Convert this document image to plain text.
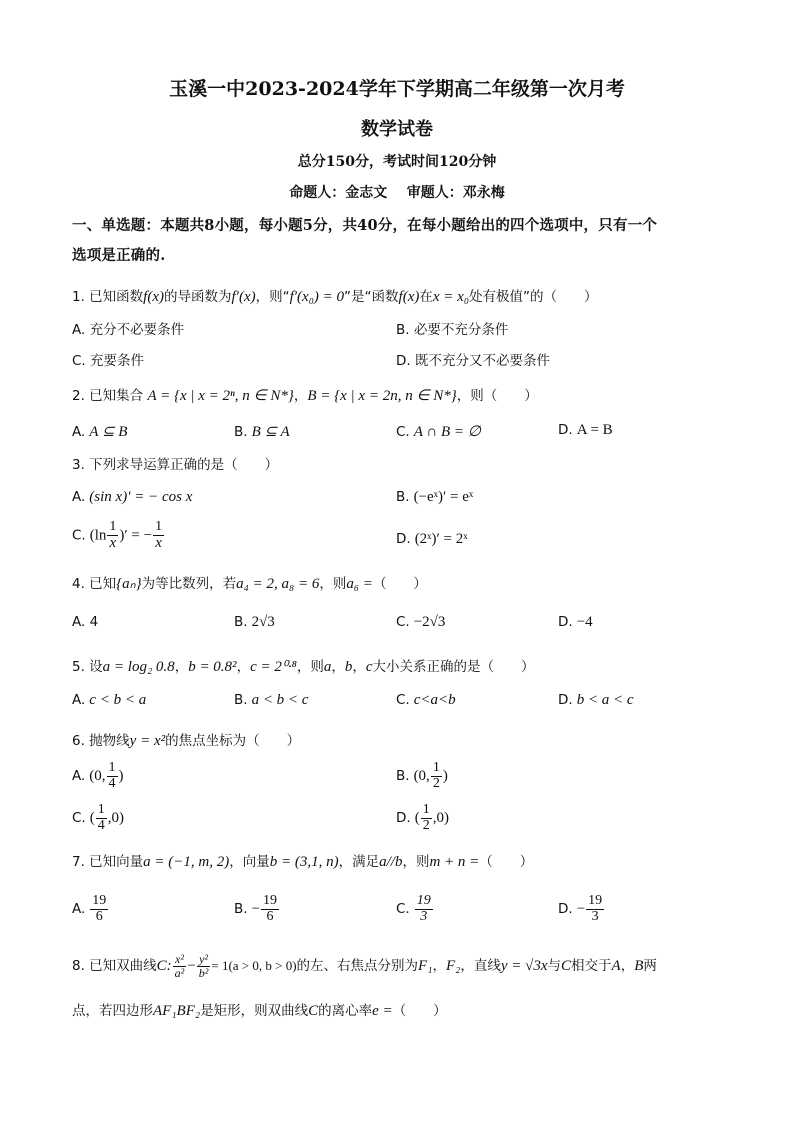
玉溪一中2023-2024学年下学期高二年级第一次月考
数学试卷
总分150分，考试时间120分钟
命题人：金志文    审题人：邓永梅
一、单选题：本题共8小题，每小题5分，共40分，在每小题给出的四个选项中，只有一个
选项是正确的.
1. 已知函数f(x)的导函数为f′(x)，则“f′(x₀) = 0”是“函数f(x)在x = x₀处有极值”的（　　）
A. 充分不必要条件	B. 必要不充分条件
C. 充要条件	D. 既不充分又不必要条件
2. 已知集合 A = {x | x = 2ⁿ, n ∈ N*}，B = {x | x = 2n, n ∈ N*}，则（　　）
A. A ⊆ B	B. B ⊆ A	C. A ∩ B = ∅	D. A = B
3. 下列求导运算正确的是（　　）
A. (sin x)′ = − cos x	B. (−eˣ)′ = eˣ
C. ($\ln \frac{1}{x}$ )′ = − $\frac{1}{x}$	D. (2ˣ)′ = 2ˣ
4. 已知{aₙ}为等比数列，若a₄ = 2, a₈ = 6，则a₆ =（　　）
A. 4	B. 2√3	C. −2√3	D. −4
5. 设a = log₂ 0.8，b = 0.8²，c = 2⁰·⁸，则a，b，c大小关系正确的是（　　）
A. c < b < a	B. a < b < c	C. c<a<b	D. b < a < c
6. 抛物线y = x²的焦点坐标为（　　）
A. (0, $\frac{1}{4}$ )	B. (0, $\frac{1}{2}$ )
C. ( $\frac{1}{4} ,0$)	D. ( $\frac{1}{2} ,0$)
7. 已知向量a = (−1, m, 2)，向量b = (3,1, n)，满足a//b，则m + n =（　　）
A. $\frac{19}{6}$	B. − $\frac{19}{6}$	C. $\frac{19}{3}$	D. − $\frac{19}{3}$
8. 已知双曲线C: $\frac{\text{x²}}{\text{a²}} - \frac{\text{y²}}{\text{b²}} = 1(a > 0$, b > 0)的左、右焦点分别为F₁，F₂，直线y = √3x与C相交于A，B两
点，若四边形AF₁BF₂是矩形，则双曲线C的离心率e =（　　）
